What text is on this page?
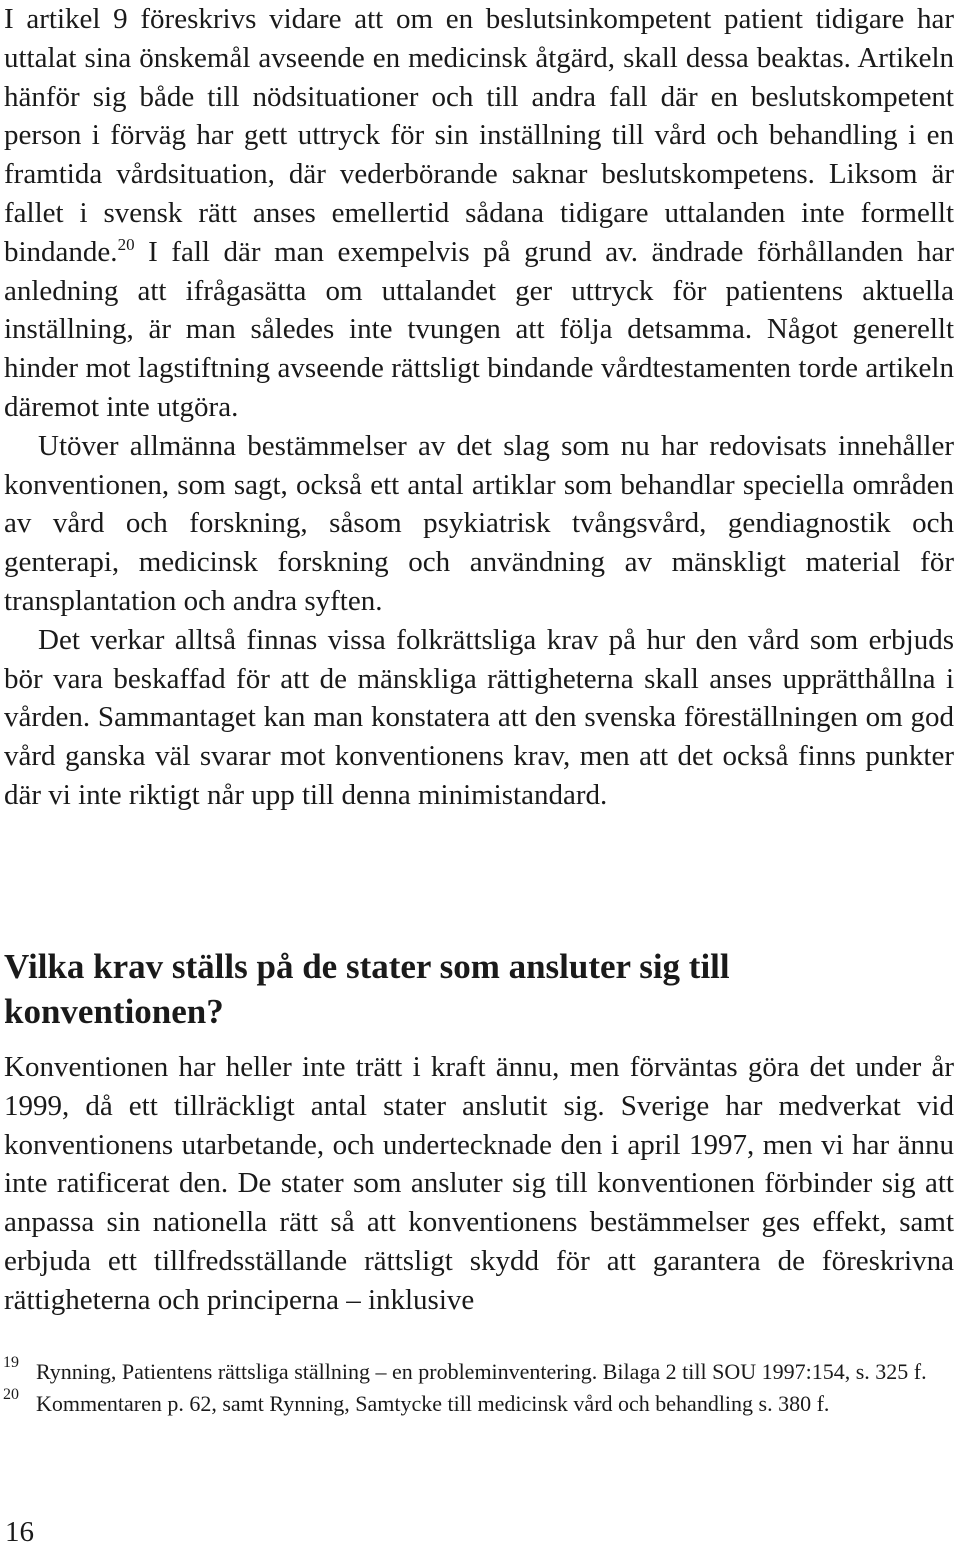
I artikel 9 föreskrivs vidare att om en beslutsinkompetent patient tidigare har uttalat sina önskemål avseende en medicinsk åtgärd, skall dessa beaktas. Artikeln hänför sig både till nödsituationer och till andra fall där en beslutskompetent person i förväg har gett uttryck för sin inställning till vård och behandling i en framtida vårdsituation, där vederbörande saknar beslutskompetens. Liksom är fallet i svensk rätt anses emellertid sådana tidigare uttalanden inte formellt bindande.$^{20}$ I fall där man exempelvis på grund av. ändrade förhållanden har anledning att ifrågasätta om uttalandet ger uttryck för patientens aktuella inställning, är man således inte tvungen att följa detsamma. Något generellt hinder mot lagstiftning avseende rättsligt bindande vårdtestamenten torde artikeln däremot inte utgöra.

Utöver allmänna bestämmelser av det slag som nu har redovisats innehåller konventionen, som sagt, också ett antal artiklar som behandlar speciella områden av vård och forskning, såsom psykiatrisk tvångsvård, gendiagnostik och genterapi, medicinsk forskning och användning av mänskligt material för transplantation och andra syften.

Det verkar alltså finnas vissa folkrättsliga krav på hur den vård som erbjuds bör vara beskaffad för att de mänskliga rättigheterna skall anses upprätthållna i vården. Sammantaget kan man konstatera att den svenska föreställningen om god vård ganska väl svarar mot konventionens krav, men att det också finns punkter där vi inte riktigt når upp till denna minimistandard.

Vilka krav ställs på de stater som ansluter sig till konventionen?

Konventionen har heller inte trätt i kraft ännu, men förväntas göra det under år 1999, då ett tillräckligt antal stater anslutit sig. Sverige har medverkat vid konventionens utarbetande, och undertecknade den i april 1997, men vi har ännu inte ratificerat den. De stater som ansluter sig till konventionen förbinder sig att anpassa sin nationella rätt så att konventionens bestämmelser ges effekt, samt erbjuda ett tillfredsställande rättsligt skydd för att garantera de föreskrivna rättigheterna och principerna – inklusive

19 Rynning, Patientens rättsliga ställning – en probleminventering. Bilaga 2 till SOU 1997:154, s. 325 f.
20 Kommentaren p. 62, samt Rynning, Samtycke till medicinsk vård och behandling s. 380 f.
16
